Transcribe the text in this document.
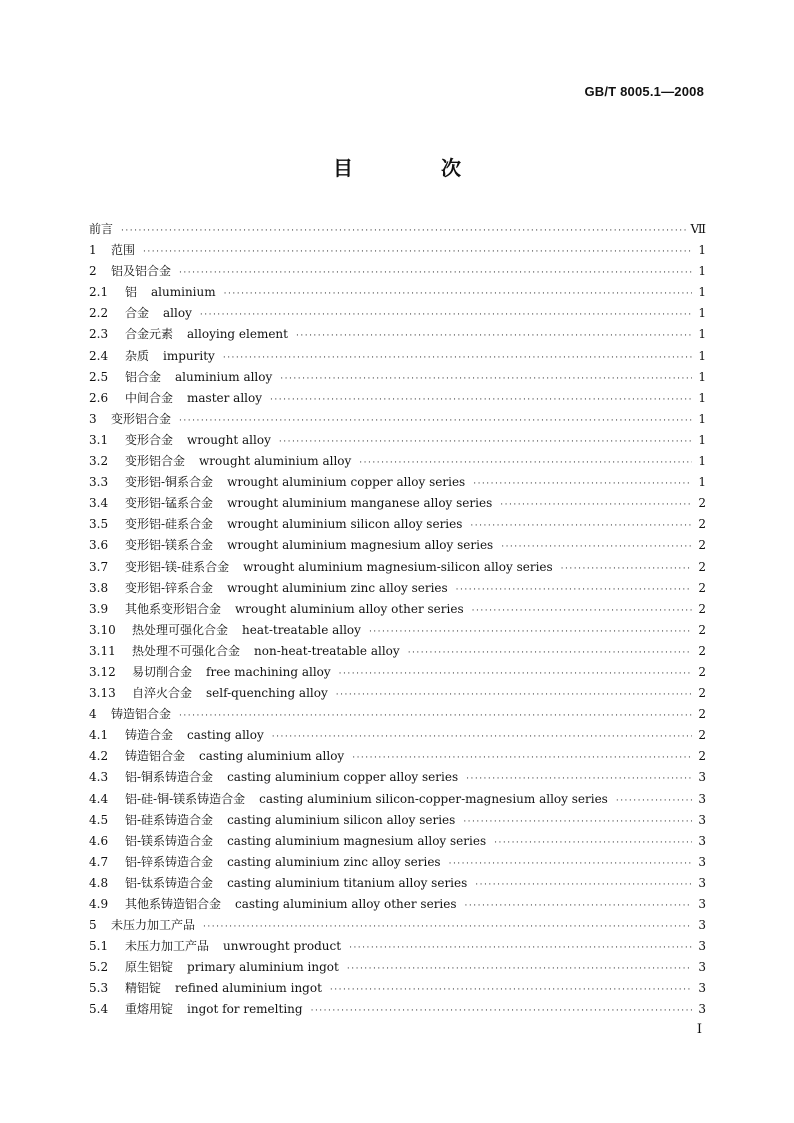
GB/T 8005.1—2008
目　次
前言 ·····	Ⅶ
1	范围 ·····	1
2	铝及铝合金 ·····	1
2.1	铝 aluminium ·····	1
2.2	合金 alloy ·····	1
2.3	合金元素 alloying element ·····	1
2.4	杂质 impurity ·····	1
2.5	铝合金 aluminium alloy ·····	1
2.6	中间合金 master alloy ·····	1
3	变形铝合金 ·····	1
3.1	变形合金 wrought alloy ·····	1
3.2	变形铝合金 wrought aluminium alloy ·····	1
3.3	变形铝-铜系合金 wrought aluminium copper alloy series ·····	1
3.4	变形铝-锰系合金 wrought aluminium manganese alloy series ·····	2
3.5	变形铝-硅系合金 wrought aluminium silicon alloy series ·····	2
3.6	变形铝-镁系合金 wrought aluminium magnesium alloy series ·····	2
3.7	变形铝-镁-硅系合金 wrought aluminium magnesium-silicon alloy series ·····	2
3.8	变形铝-锌系合金 wrought aluminium zinc alloy series ·····	2
3.9	其他系变形铝合金 wrought aluminium alloy other series ·····	2
3.10	热处理可强化合金 heat-treatable alloy ·····	2
3.11	热处理不可强化合金 non-heat-treatable alloy ·····	2
3.12	易切削合金 free machining alloy ·····	2
3.13	自淬火合金 self-quenching alloy ·····	2
4	铸造铝合金 ·····	2
4.1	铸造合金 casting alloy ·····	2
4.2	铸造铝合金 casting aluminium alloy ·····	2
4.3	铝-铜系铸造合金 casting aluminium copper alloy series ·····	3
4.4	铝-硅-铜-镁系铸造合金 casting aluminium silicon-copper-magnesium alloy series ·····	3
4.5	铝-硅系铸造合金 casting aluminium silicon alloy series ·····	3
4.6	铝-镁系铸造合金 casting aluminium magnesium alloy series ·····	3
4.7	铝-锌系铸造合金 casting aluminium zinc alloy series ·····	3
4.8	铝-钛系铸造合金 casting aluminium titanium alloy series ·····	3
4.9	其他系铸造铝合金 casting aluminium alloy other series ·····	3
5	未压力加工产品 ·····	3
5.1	未压力加工产品 unwrought product ·····	3
5.2	原生铝锭 primary aluminium ingot ·····	3
5.3	精铝锭 refined aluminium ingot ·····	3
5.4	重熔用锭 ingot for remelting ·····	3
Ⅰ
